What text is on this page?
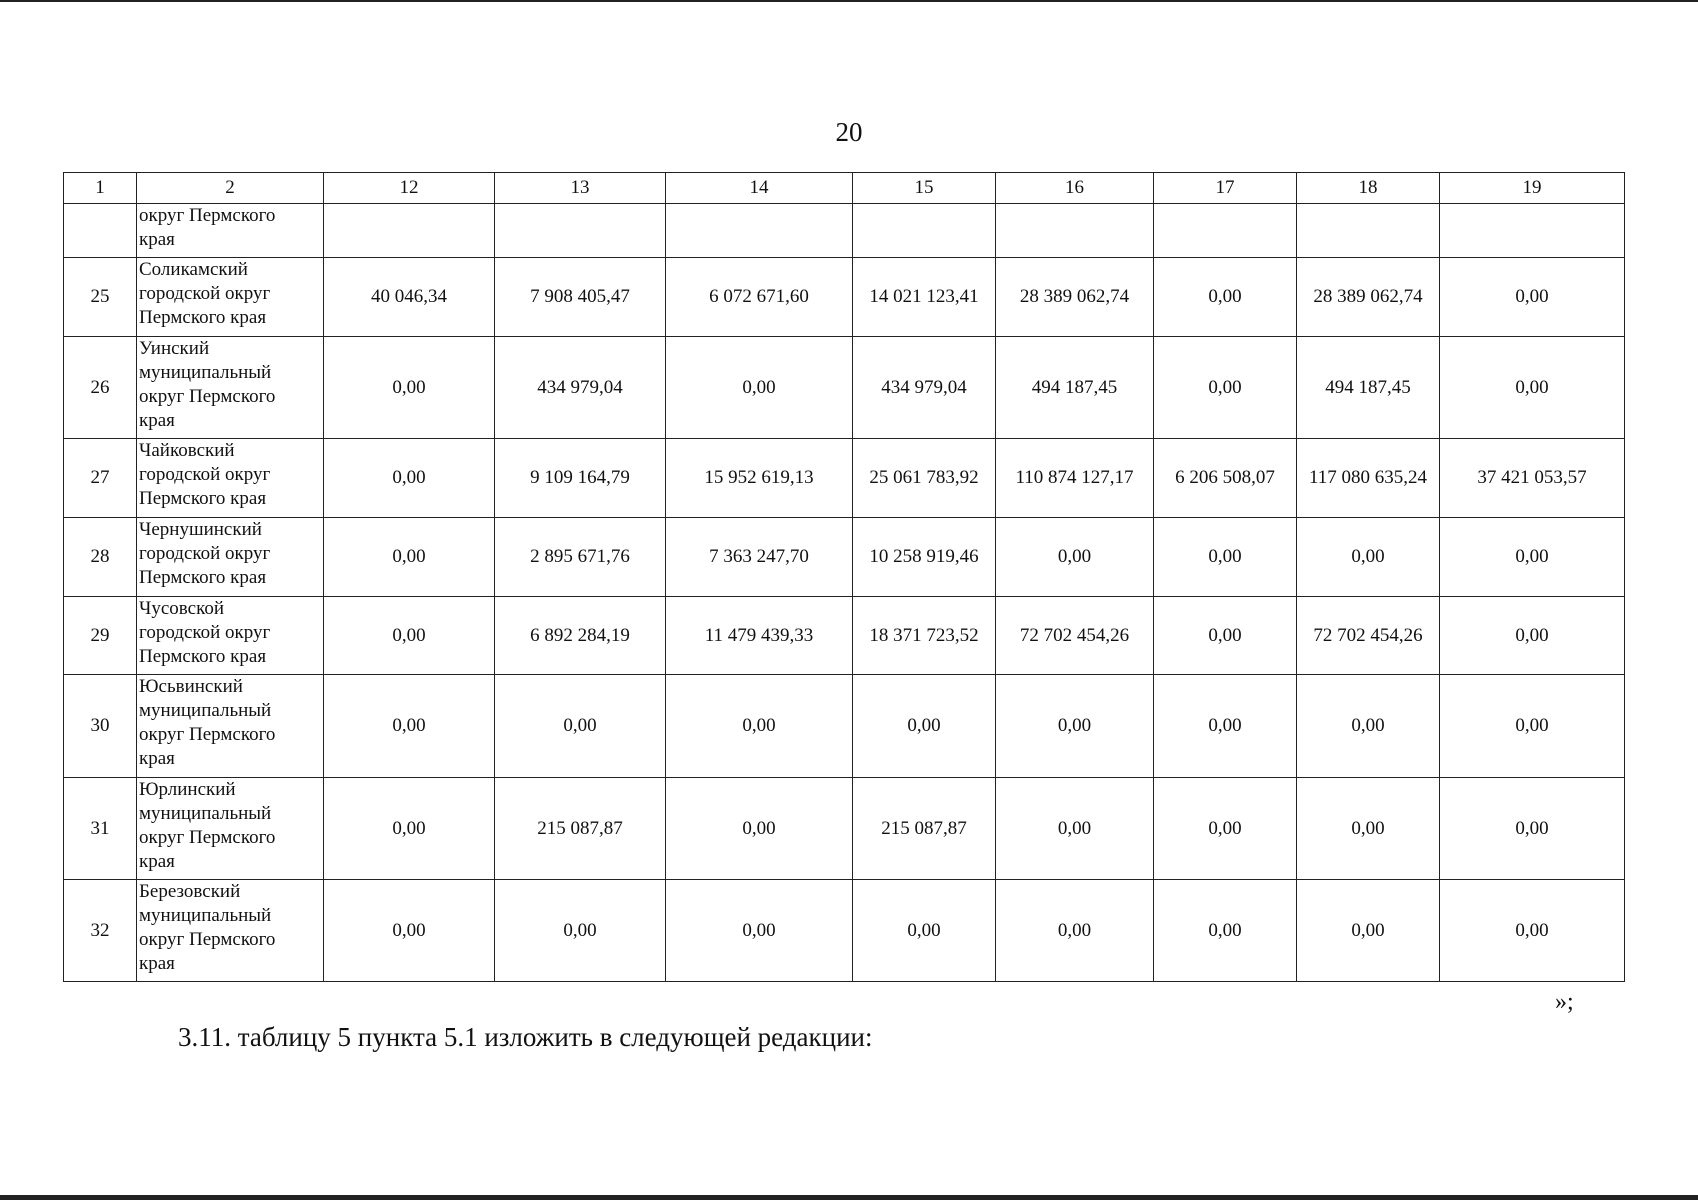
20
1	2	12	13	14	15	16	17	18	19

	округ Пермского
края								

25	Соликамский
городской округ
Пермского края	40 046,34	7 908 405,47	6 072 671,60	14 021 123,41	28 389 062,74	0,00	28 389 062,74	0,00
26	Уинский
муниципальный
округ Пермского
края	0,00	434 979,04	0,00	434 979,04	494 187,45	0,00	494 187,45	0,00
27	Чайковский
городской округ
Пермского края	0,00	9 109 164,79	15 952 619,13	25 061 783,92	110 874 127,17	6 206 508,07	117 080 635,24	37 421 053,57
28	Чернушинский
городской округ
Пермского края	0,00	2 895 671,76	7 363 247,70	10 258 919,46	0,00	0,00	0,00	0,00
29	Чусовской
городской округ
Пермского края	0,00	6 892 284,19	11 479 439,33	18 371 723,52	72 702 454,26	0,00	72 702 454,26	0,00
30	Юсьвинский
муниципальный
округ Пермского
края	0,00	0,00	0,00	0,00	0,00	0,00	0,00	0,00
31	Юрлинский
муниципальный
округ Пермского
края	0,00	215 087,87	0,00	215 087,87	0,00	0,00	0,00	0,00
32	Березовский
муниципальный
округ Пермского
края	0,00	0,00	0,00	0,00	0,00	0,00	0,00	0,00
»;
3.11. таблицу 5 пункта 5.1 изложить в следующей редакции:
